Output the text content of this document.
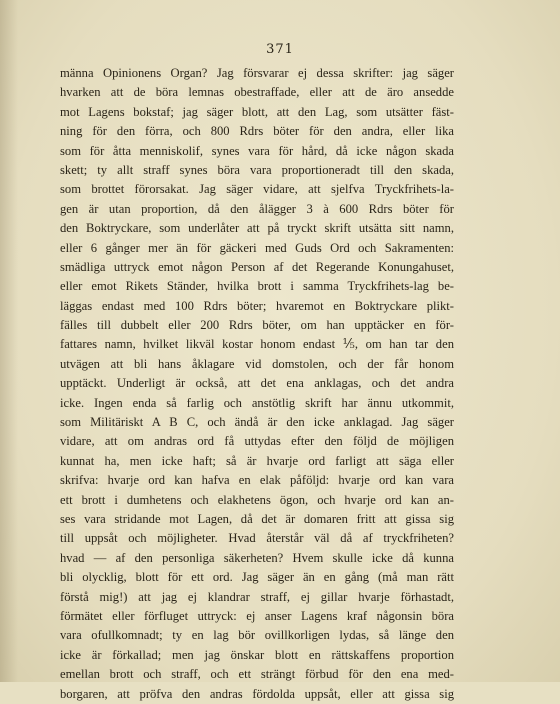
371
männa Opinionens Organ? Jag försvarar ej dessa skrifter: jag säger
hvarken att de böra lemnas obestraffade, eller att de äro ansedde
mot Lagens bokstaf; jag säger blott, att den Lag, som utsätter fäst-
ning för den förra, och 800 Rdrs böter för den andra, eller lika
som för åtta menniskolif, synes vara för hård, då icke någon skada
skett; ty allt straff synes böra vara proportioneradt till den skada,
som brottet förorsakat. Jag säger vidare, att sjelfva Tryckfrihets-la-
gen är utan proportion, då den ålägger 3 à 600 Rdrs böter för
den Boktryckare, som underlåter att på tryckt skrift utsätta sitt namn,
eller 6 gånger mer än för gäckeri med Guds Ord och Sakramenten:
smädliga uttryck emot någon Person af det Regerande Konungahuset,
eller emot Rikets Ständer, hvilka brott i samma Tryckfrihets-lag be-
läggas endast med 100 Rdrs böter; hvaremot en Boktryckare plikt-
fälles till dubbelt eller 200 Rdrs böter, om han upptäcker en för-
fattares namn, hvilket likväl kostar honom endast ⅕, om han tar den
utvägen att bli hans åklagare vid domstolen, och der får honom
upptäckt. Underligt är också, att det ena anklagas, och det andra
icke. Ingen enda så farlig och anstötlig skrift har ännu utkommit,
som Militäriskt A B C, och ändå är den icke anklagad. Jag säger
vidare, att om andras ord få uttydas efter den följd de möjligen
kunnat ha, men icke haft; så är hvarje ord farligt att säga eller
skrifva: hvarje ord kan hafva en elak påföljd: hvarje ord kan vara
ett brott i dumhetens och elakhetens ögon, och hvarje ord kan an-
ses vara stridande mot Lagen, då det är domaren fritt att gissa sig
till uppsåt och möjligheter. Hvad återstår väl då af tryckfriheten?
hvad — af den personliga säkerheten? Hvem skulle icke då kunna
bli olycklig, blott för ett ord. Jag säger än en gång (må man rätt
förstå mig!) att jag ej klandrar straff, ej gillar hvarje förhastadt,
förmätet eller förfluget uttryck: ej anser Lagens kraf någonsin böra
vara ofullkomnadt; ty en lag bör ovillkorligen lydas, så länge den
icke är förkallad; men jag önskar blott en rättskaffens proportion
emellan brott och straff, och ett strängt förbud för den ena med-
borgaren, att pröfva den andras fördolda uppsåt, eller att gissa sig
